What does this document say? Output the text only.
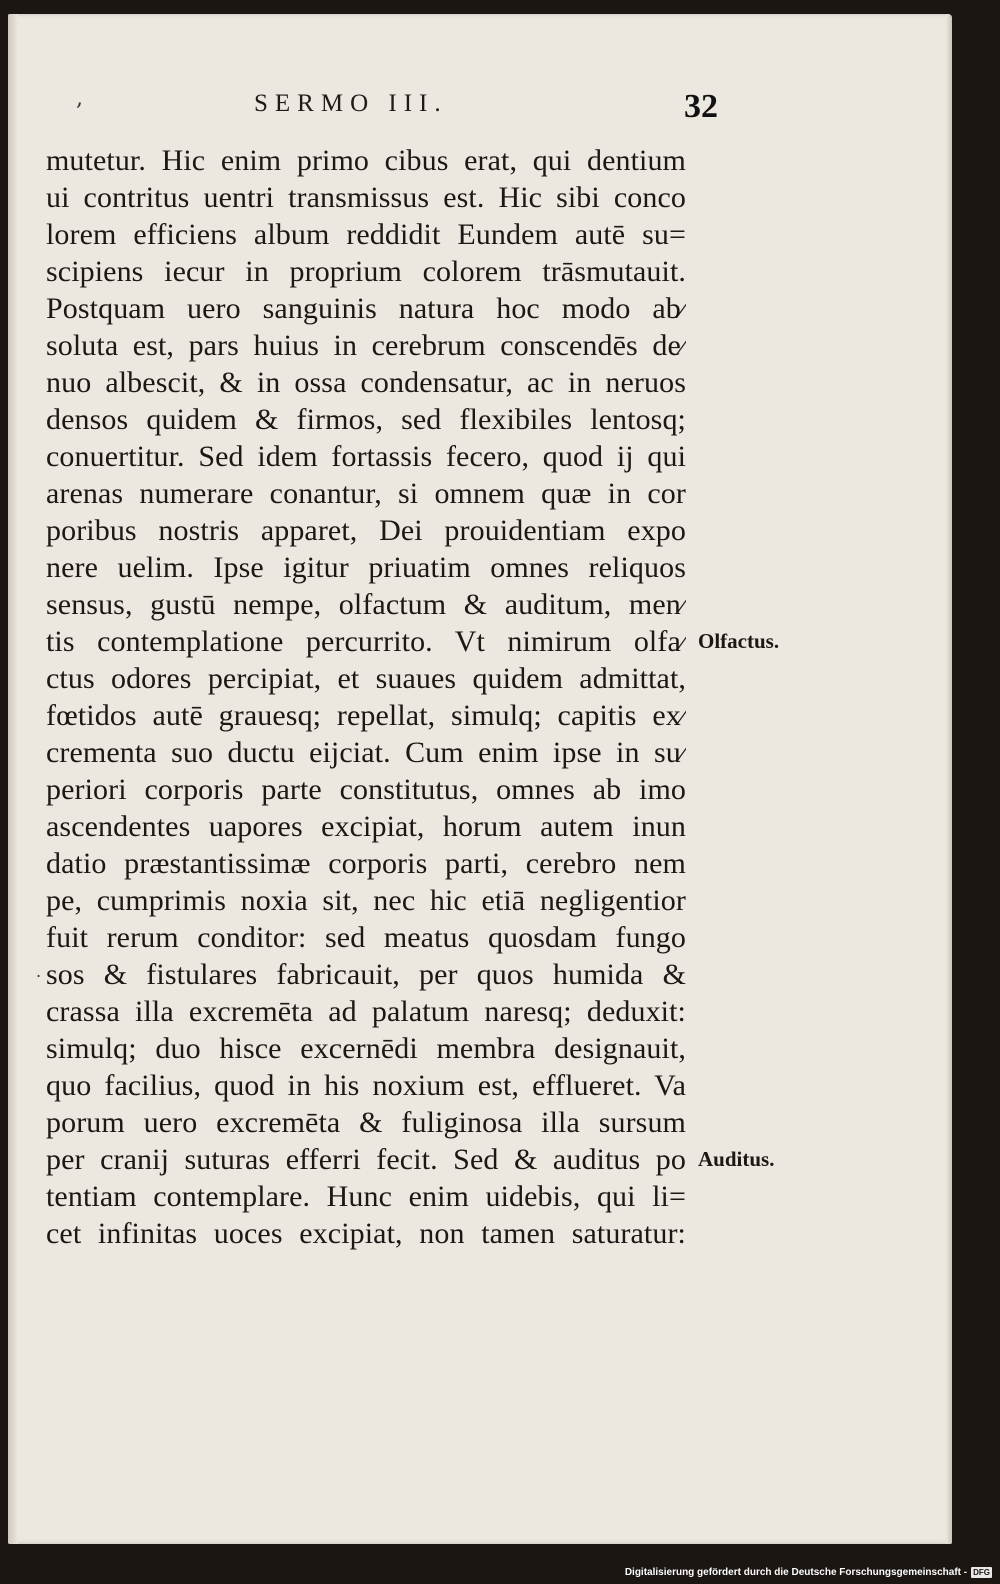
,
.
SERMO III.	32
mutetur. Hic enim primo cibus erat, qui dentium
ui contritus uentri transmissus est. Hic sibi conco
lorem efficiens album reddidit Eundem autē su=
scipiens iecur in proprium colorem trāsmutauit.
Postquam uero sanguinis natura hoc modo ab⁄
soluta est, pars huius in cerebrum conscendēs de⁄
nuo albescit, & in ossa condensatur, ac in neruos
densos quidem & firmos, sed flexibiles lentosq;
conuertitur. Sed idem fortassis fecero, quod ij qui
arenas numerare conantur, si omnem quæ in cor
poribus nostris apparet, Dei prouidentiam expo
nere uelim. Ipse igitur priuatim omnes reliquos
sensus, gustū nempe, olfactum & auditum, men⁄
tis contemplatione percurrito. Vt nimirum olfa⁄
ctus odores percipiat, et suaues quidem admittat,
fœtidos autē grauesq; repellat, simulq; capitis ex⁄
crementa suo ductu eijciat. Cum enim ipse in su⁄
periori corporis parte constitutus, omnes ab imo
ascendentes uapores excipiat, horum autem inun
datio præstantissimæ corporis parti, cerebro nem
pe, cumprimis noxia sit, nec hic etiā negligentior
fuit rerum conditor: sed meatus quosdam fungo
sos & fistulares fabricauit, per quos humida &
crassa illa excremēta ad palatum naresq; deduxit:
simulq; duo hisce excernēdi membra designauit,
quo facilius, quod in his noxium est, efflueret. Va
porum uero excremēta & fuliginosa illa sursum
per cranij suturas efferri fecit. Sed & auditus po
tentiam contemplare. Hunc enim uidebis, qui li=
cet infinitas uoces excipiat, non tamen saturatur:
Olfactus.
Auditus.
Digitalisierung gefördert durch die Deutsche Forschungsgemeinschaft - DFG
